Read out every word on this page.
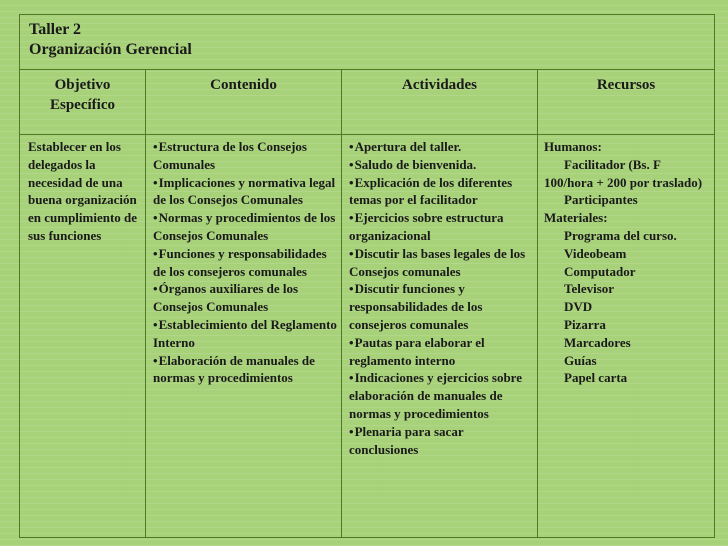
Taller 2
Organización Gerencial
Objetivo Específico
Contenido	Actividades	Recursos
Establecer en los delegados la necesidad de una buena organización en cumplimiento de sus funciones
• Estructura de los Consejos Comunales
• Implicaciones y normativa legal de los Consejos Comunales
• Normas y procedimientos de los Consejos Comunales
• Funciones y responsabilidades de los consejeros comunales
• Órganos auxiliares de los Consejos Comunales
• Establecimiento del Reglamento Interno
• Elaboración de manuales de normas y procedimientos
• Apertura del taller.
• Saludo de bienvenida.
• Explicación de los diferentes temas por el facilitador
• Ejercicios sobre estructura organizacional
• Discutir las bases legales de los Consejos comunales
• Discutir funciones y responsabilidades de los consejeros comunales
• Pautas para elaborar el reglamento interno
• Indicaciones y ejercicios sobre elaboración de manuales de normas y procedimientos
• Plenaria para sacar conclusiones
Humanos:
Facilitador (Bs. F 100/hora + 200 por traslado)
Participantes
Materiales:
Programa del curso.
Videobeam
Computador
Televisor
DVD
Pizarra
Marcadores
Guías
Papel carta
